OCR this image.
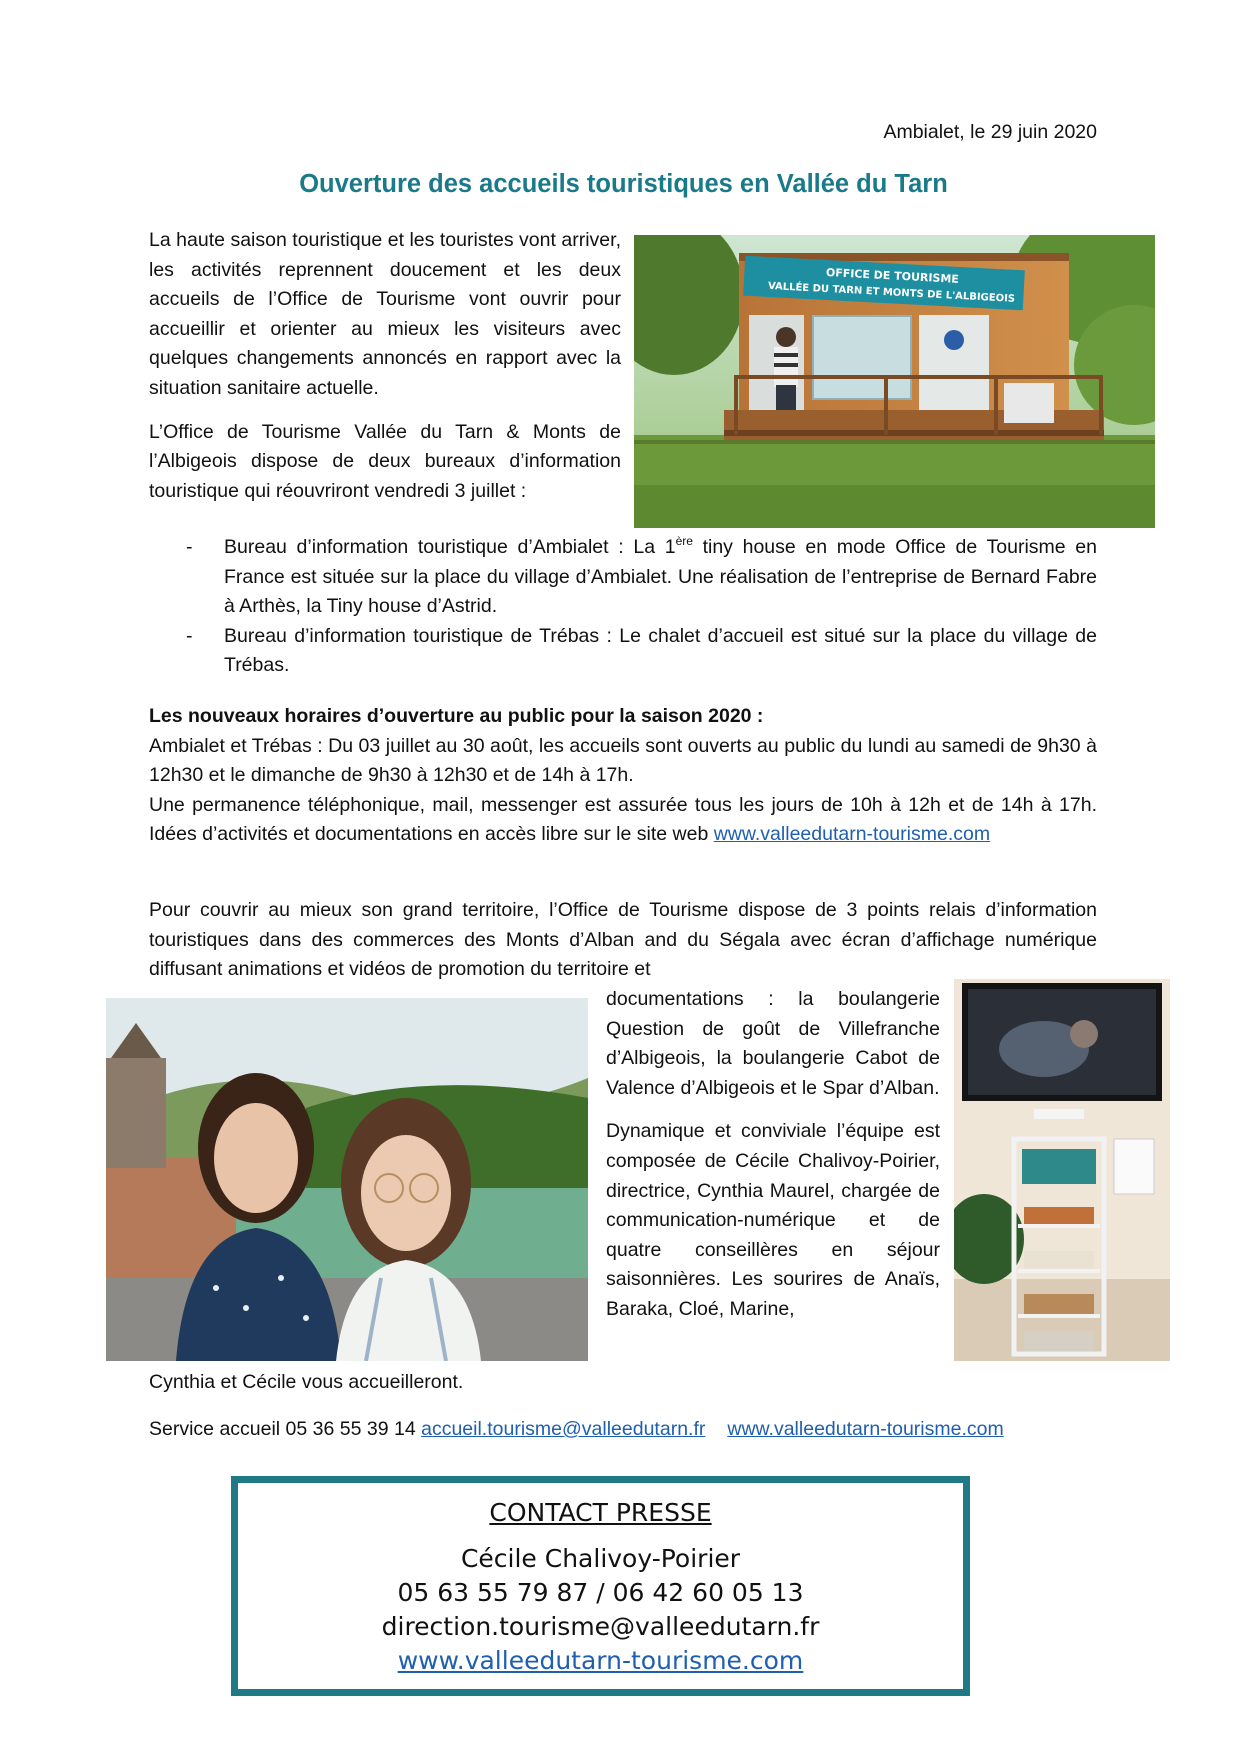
Ambialet, le 29 juin 2020
Ouverture des accueils touristiques en Vallée du Tarn

La haute saison touristique et les touristes vont arriver, les activités reprennent doucement et les deux accueils de l’Office de Tourisme vont ouvrir pour accueillir et orienter au mieux les visiteurs avec quelques changements annoncés en rapport avec la situation sanitaire actuelle.

L’Office de Tourisme Vallée du Tarn & Monts de l’Albigeois dispose de deux bureaux d’information touristique qui réouvriront vendredi 3 juillet :

OFFICE DE TOURISME
VALLÉE DU TARN ET MONTS DE L'ALBIGEOIS
- Bureau d’information touristique d’Ambialet : La 1ère tiny house en mode Office de Tourisme en France est située sur la place du village d’Ambialet. Une réalisation de l’entreprise de Bernard Fabre à Arthès, la Tiny house d’Astrid.
- Bureau d’information touristique de Trébas : Le chalet d’accueil est situé sur la place du village de Trébas.
Les nouveaux horaires d’ouverture au public pour la saison 2020 :
Ambialet et Trébas : Du 03 juillet au 30 août, les accueils sont ouverts au public du lundi au samedi de 9h30 à 12h30 et le dimanche de 9h30 à 12h30 et de 14h à 17h.
Une permanence téléphonique, mail, messenger est assurée tous les jours de 10h à 12h et de 14h à 17h. Idées d’activités et documentations en accès libre sur le site web www.valleedutarn-tourisme.com
Pour couvrir au mieux son grand territoire, l’Office de Tourisme dispose de 3 points relais d’information touristiques dans des commerces des Monts d’Alban and du Ségala avec écran d’affichage numérique diffusant animations et vidéos de promotion du territoire et

documentations : la boulangerie Question de goût de Villefranche d’Albigeois, la boulangerie Cabot de Valence d’Albigeois et le Spar d’Alban.

Dynamique et conviviale l’équipe est composée de Cécile Chalivoy-Poirier, directrice, Cynthia Maurel, chargée de communication-numérique et de quatre conseillères en séjour saisonnières. Les sourires de Anaïs, Baraka, Cloé, Marine,

Cynthia et Cécile vous accueilleront.
Service accueil 05 36 55 39 14 accueil.tourisme@valleedutarn.fr www.valleedutarn-tourisme.com
CONTACT PRESSE
Cécile Chalivoy-Poirier
05 63 55 79 87 / 06 42 60 05 13
direction.tourisme@valleedutarn.fr
www.valleedutarn-tourisme.com
